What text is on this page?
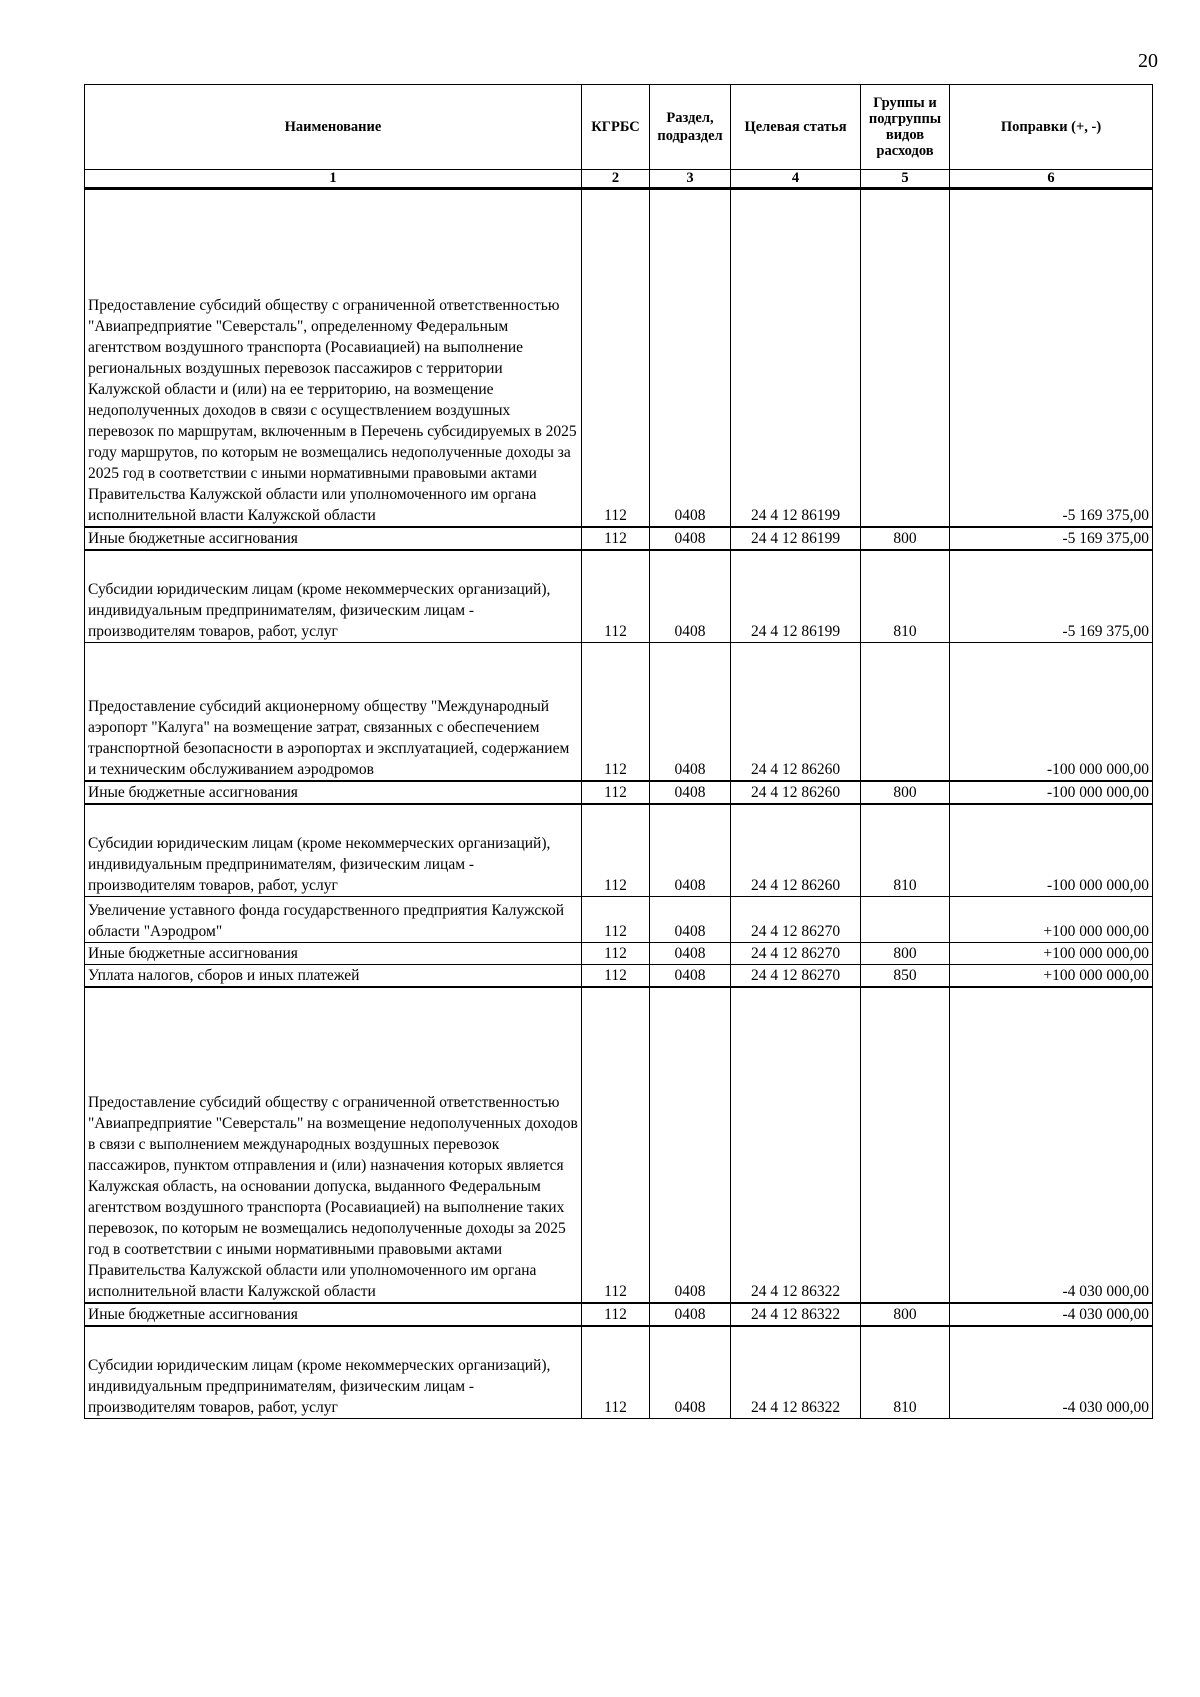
20
Наименование	КГРБС	Раздел, подраздел	Целевая статья	Группы и подгруппы видов расходов	Поправки (+, -)
1	2	3	4	5	6
Предоставление субсидий обществу с ограниченной ответственностью "Авиапредприятие "Северсталь", определенному Федеральным агентством воздушного транспорта (Росавиацией) на выполнение региональных воздушных перевозок пассажиров с территории Калужской области и (или) на ее территорию, на возмещение недополученных доходов в связи с осуществлением воздушных перевозок по маршрутам, включенным в Перечень субсидируемых в 2025 году маршрутов, по которым не возмещались недополученные доходы за 2025 год в соответствии с иными нормативными правовыми актами Правительства Калужской области или уполномоченного им органа исполнительной власти Калужской области	112	0408	24 4 12 86199		-5 169 375,00
Иные бюджетные ассигнования	112	0408	24 4 12 86199	800	-5 169 375,00
Субсидии юридическим лицам (кроме некоммерческих организаций), индивидуальным предпринимателям, физическим лицам - производителям товаров, работ, услуг	112	0408	24 4 12 86199	810	-5 169 375,00
Предоставление субсидий акционерному обществу "Международный аэропорт "Калуга" на возмещение затрат, связанных с обеспечением транспортной безопасности в аэропортах и эксплуатацией, содержанием и техническим обслуживанием аэродромов	112	0408	24 4 12 86260		-100 000 000,00
Иные бюджетные ассигнования	112	0408	24 4 12 86260	800	-100 000 000,00
Субсидии юридическим лицам (кроме некоммерческих организаций), индивидуальным предпринимателям, физическим лицам - производителям товаров, работ, услуг	112	0408	24 4 12 86260	810	-100 000 000,00
Увеличение уставного фонда государственного предприятия Калужской области "Аэродром"	112	0408	24 4 12 86270		+100 000 000,00
Иные бюджетные ассигнования	112	0408	24 4 12 86270	800	+100 000 000,00
Уплата налогов, сборов и иных платежей	112	0408	24 4 12 86270	850	+100 000 000,00
Предоставление субсидий обществу с ограниченной ответственностью "Авиапредприятие "Северсталь" на возмещение недополученных доходов в связи с выполнением международных воздушных перевозок пассажиров, пунктом отправления и (или) назначения которых является Калужская область, на основании допуска, выданного Федеральным агентством воздушного транспорта (Росавиацией) на выполнение таких перевозок, по которым не возмещались недополученные доходы за 2025 год в соответствии с иными нормативными правовыми актами Правительства Калужской области или уполномоченного им органа исполнительной власти Калужской области	112	0408	24 4 12 86322		-4 030 000,00
Иные бюджетные ассигнования	112	0408	24 4 12 86322	800	-4 030 000,00
Субсидии юридическим лицам (кроме некоммерческих организаций), индивидуальным предпринимателям, физическим лицам - производителям товаров, работ, услуг	112	0408	24 4 12 86322	810	-4 030 000,00
